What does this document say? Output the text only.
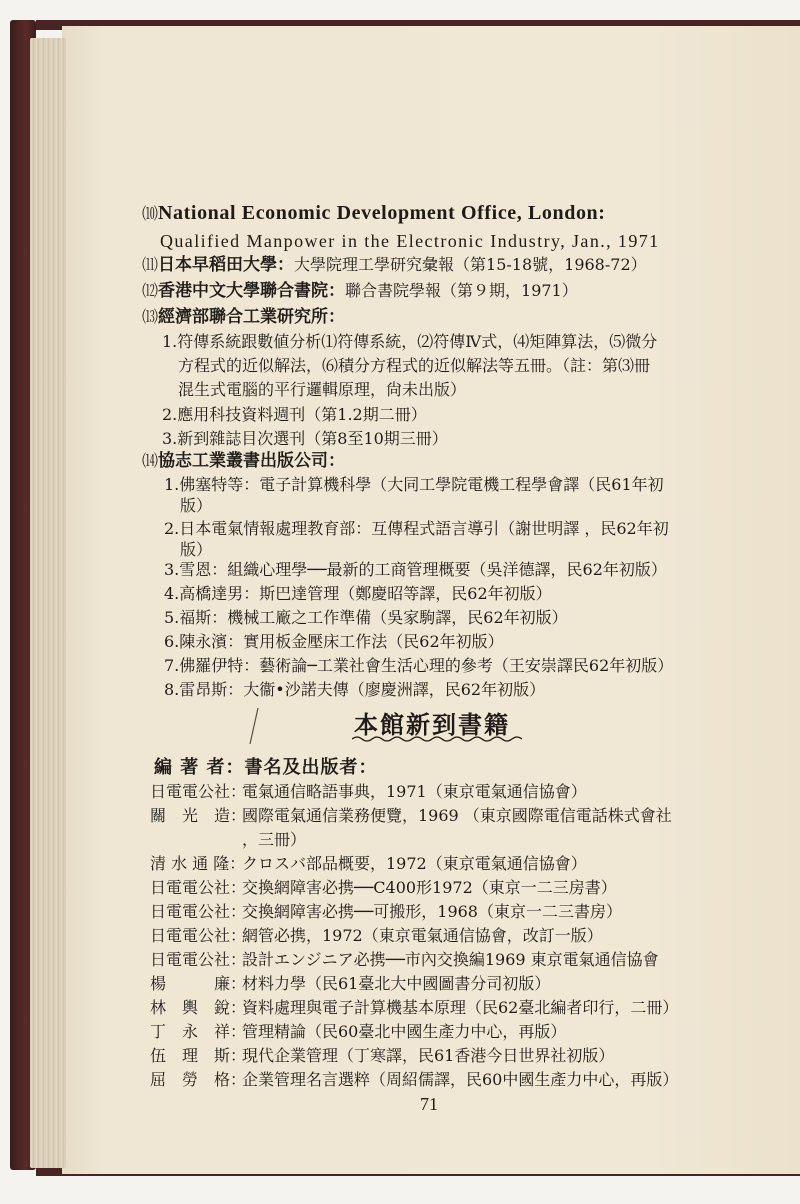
⑽National Economic Development Office, London:
Qualified Manpower in the Electronic Industry, Jan., 1971
⑾日本早稻田大學：大學院理工學研究彙報（第15-18號，1968-72）
⑿香港中文大學聯合書院：聯合書院學報（第９期，1971）
⒀經濟部聯合工業研究所：
1.符傳系統跟數値分析⑴符傳系統，⑵符傳Ⅳ式，⑷矩陣算法，⑸微分
方程式的近似解法，⑹積分方程式的近似解法等五冊。（註：第⑶冊
混生式電腦的平行邏輯原理，尙未出版）
2.應用科技資料週刊（第1.2期二冊）
3.新到雜誌目次選刊（第8至10期三冊）
⒁協志工業叢書出版公司：
1.佛塞特等：電子計算機科學（大同工學院電機工程學會譯（民61年初
版）
2.日本電氣情報處理教育部：互傳程式語言導引（謝世明譯 ，民62年初
版）
3.雪恩：組織心理學──最新的工商管理概要（吳洋德譯，民62年初版）
4.高橋達男：斯巴達管理（鄭慶昭等譯，民62年初版）
5.福斯：機械工廠之工作準備（吳家駒譯，民62年初版）
6.陳永濱：實用板金壓床工作法（民62年初版）
7.佛羅伊特：藝術論─工業社會生活心理的參考（王安崇譯民62年初版）
8.雷昂斯：大衞•沙諾夫傳（廖慶洲譯，民62年初版）
本館新到書籍
編 著 者：書名及出版者：
日電電公社：
電氣通信略語事典，1971（東京電氣通信協會）
關　光　造：
國際電氣通信業務便覽，1969 （東京國際電信電話株式會社
，三冊）
清 水 通 隆：
クロスバ部品概要，1972（東京電氣通信協會）
日電電公社：
交換網障害必携──C400形1972（東京一二三房書）
日電電公社：
交換網障害必携──可搬形，1968（東京一二三書房）
日電電公社：
網管必携，1972（東京電氣通信協會，改訂一版）
日電電公社：
設計エンジニア必携──市內交換編1969 東京電氣通信協會
楊　　　廉：
材料力學（民61臺北大中國圖書分司初版）
林　輿　銳：
資料處理與電子計算機基本原理（民62臺北編者印行，二冊）
丁　永　祥：
管理精論（民60臺北中國生產力中心，再版）
伍　理　斯：
現代企業管理（丁寒譯，民61香港今日世界社初版）
屈　勞　格：
企業管理名言選粹（周紹儒譯，民60中國生產力中心，再版）
71
